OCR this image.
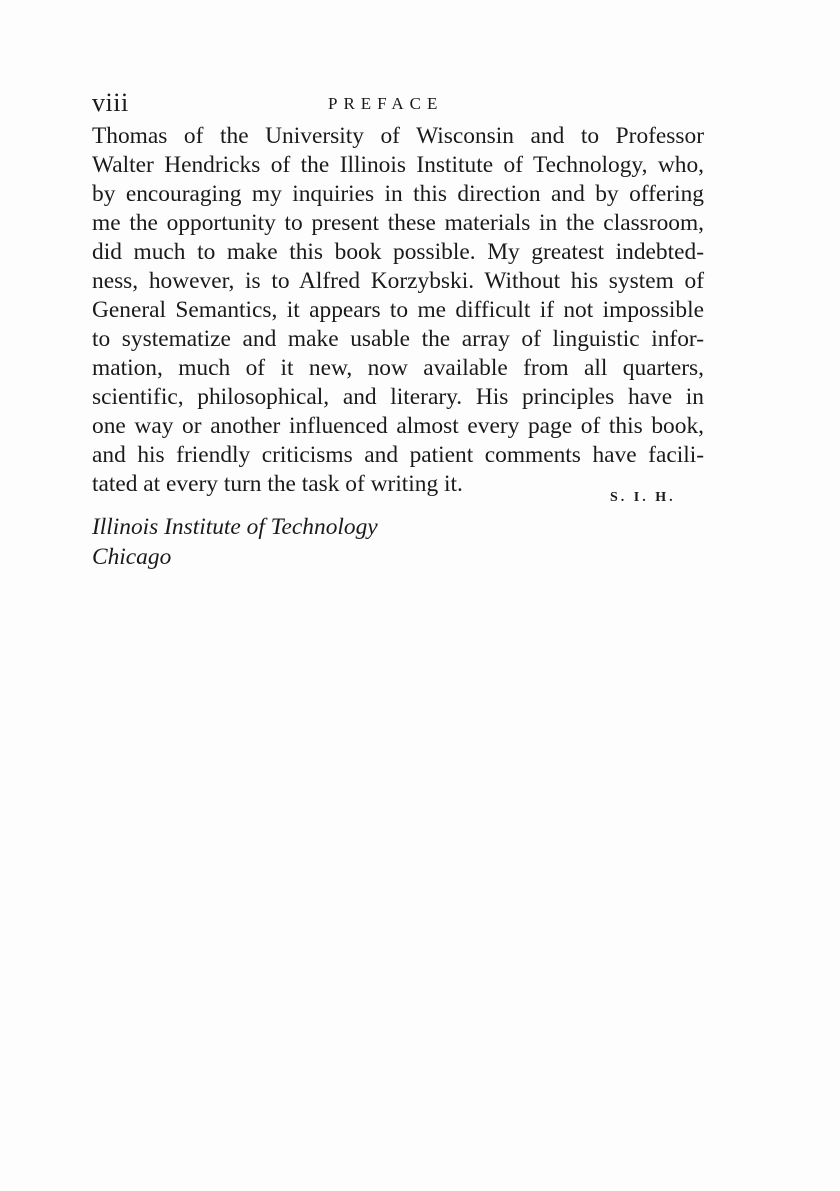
viii	PREFACE
Thomas of the University of Wisconsin and to Professor
Walter Hendricks of the Illinois Institute of Technology, who,
by encouraging my inquiries in this direction and by offering
me the opportunity to present these materials in the classroom,
did much to make this book possible. My greatest indebted-
ness, however, is to Alfred Korzybski. Without his system of
General Semantics, it appears to me difficult if not impossible
to systematize and make usable the array of linguistic infor-
mation, much of it new, now available from all quarters,
scientific, philosophical, and literary. His principles have in
one way or another influenced almost every page of this book,
and his friendly criticisms and patient comments have facili-
tated at every turn the task of writing it.
S. I. H.
Illinois Institute of Technology
Chicago
